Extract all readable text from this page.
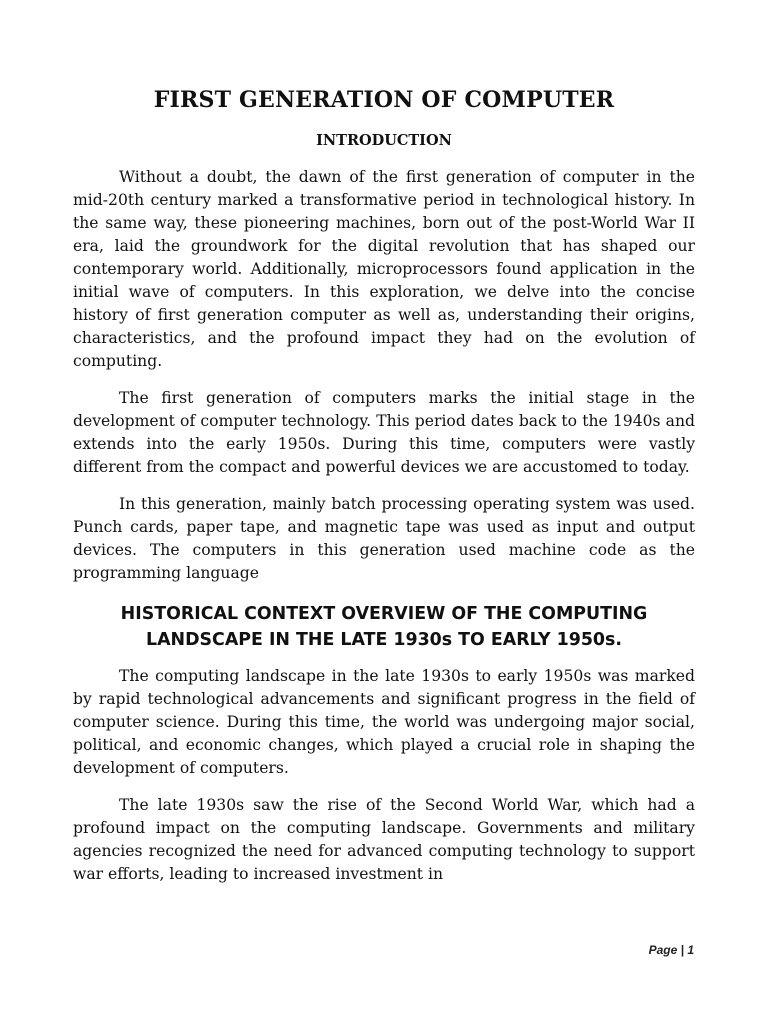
FIRST GENERATION OF COMPUTER
INTRODUCTION

Without a doubt, the dawn of the first generation of computer in the mid-20th century marked a transformative period in technological history. In the same way, these pioneering machines, born out of the post-World War II era, laid the groundwork for the digital revolution that has shaped our contemporary world. Additionally, microprocessors found application in the initial wave of computers. In this exploration, we delve into the concise history of first generation computer as well as, understanding their origins, characteristics, and the profound impact they had on the evolution of computing.

The first generation of computers marks the initial stage in the development of computer technology. This period dates back to the 1940s and extends into the early 1950s. During this time, computers were vastly different from the compact and powerful devices we are accustomed to today.

In this generation, mainly batch processing operating system was used. Punch cards, paper tape, and magnetic tape was used as input and output devices. The computers in this generation used machine code as the programming language

HISTORICAL CONTEXT OVERVIEW OF THE COMPUTING LANDSCAPE IN THE LATE 1930s TO EARLY 1950s.

The computing landscape in the late 1930s to early 1950s was marked by rapid technological advancements and significant progress in the field of computer science. During this time, the world was undergoing major social, political, and economic changes, which played a crucial role in shaping the development of computers.

The late 1930s saw the rise of the Second World War, which had a profound impact on the computing landscape. Governments and military agencies recognized the need for advanced computing technology to support war efforts, leading to increased investment in

Page | 1
